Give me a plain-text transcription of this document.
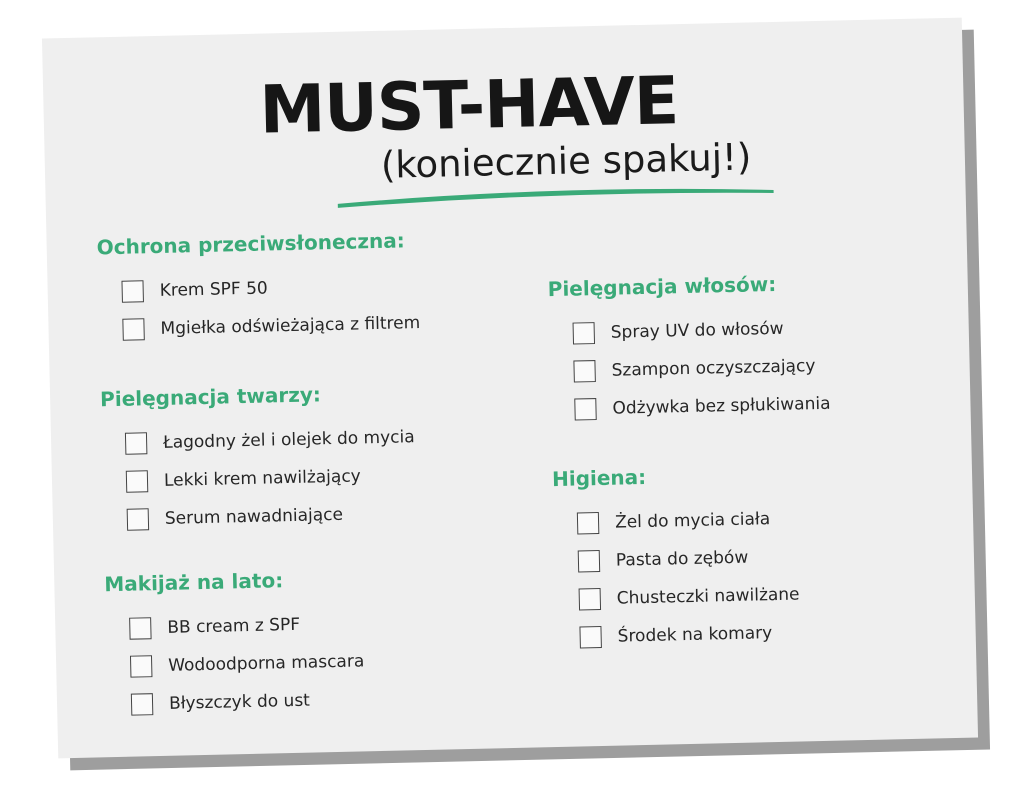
MUST-HAVE

(koniecznie spakuj!)

Ochrona przeciwsłoneczna:
Krem SPF 50
Mgiełka odświeżająca z filtrem
Pielęgnacja twarzy:
Łagodny żel i olejek do mycia
Lekki krem nawilżający
Serum nawadniające
Makijaż na lato:
BB cream z SPF
Wodoodporna mascara
Błyszczyk do ust
Pielęgnacja włosów:
Spray UV do włosów
Szampon oczyszczający
Odżywka bez spłukiwania
Higiena:
Żel do mycia ciała
Pasta do zębów
Chusteczki nawilżane
Środek na komary
